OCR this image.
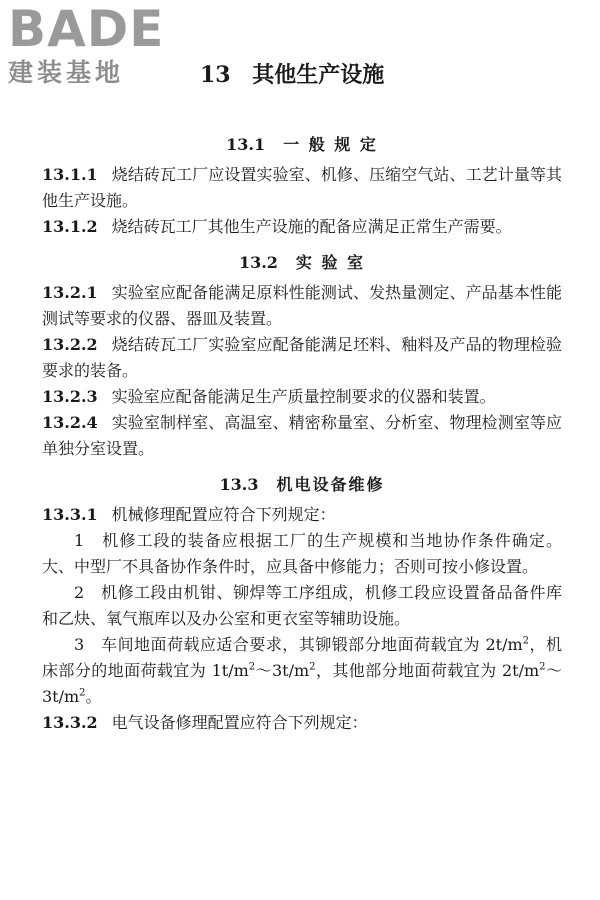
BADE
建装基地	13 其他生产设施
13.1 一 般 规 定

13.1.1 烧结砖瓦工厂应设置实验室、机修、压缩空气站、工艺计量等其他生产设施。

13.1.2 烧结砖瓦工厂其他生产设施的配备应满足正常生产需要。

13.2 实 验 室

13.2.1 实验室应配备能满足原料性能测试、发热量测定、产品基本性能测试等要求的仪器、器皿及装置。

13.2.2 烧结砖瓦工厂实验室应配备能满足坯料、釉料及产品的物理检验要求的装备。

13.2.3 实验室应配备能满足生产质量控制要求的仪器和装置。

13.2.4 实验室制样室、高温室、精密称量室、分析室、物理检测室等应单独分室设置。

13.3 机电设备维修

13.3.1 机械修理配置应符合下列规定：

1　机修工段的装备应根据工厂的生产规模和当地协作条件确定。大、中型厂不具备协作条件时，应具备中修能力；否则可按小修设置。

2　机修工段由机钳、铆焊等工序组成，机修工段应设置备品备件库和乙炔、氧气瓶库以及办公室和更衣室等辅助设施。

3　车间地面荷载应适合要求，其铆锻部分地面荷载宜为 $2t/m^2$，机床部分的地面荷载宜为 $1t/m^2\sim 3t/m^2$，其他部分地面荷载宜为 $2t/m^2\sim 3t/m^2$。

13.3.2 电气设备修理配置应符合下列规定：
